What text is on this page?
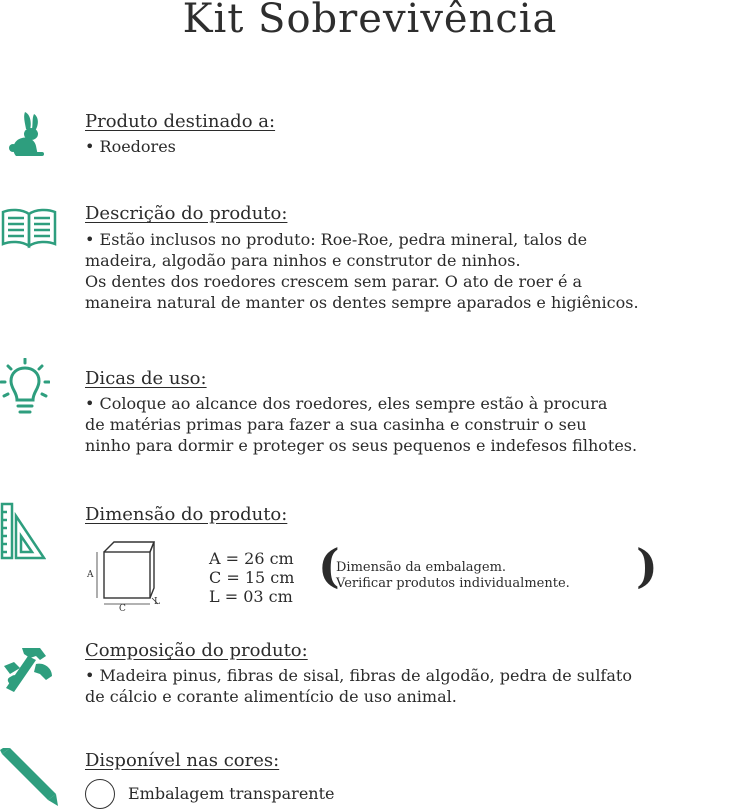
Kit Sobrevivência
Produto destinado a:
• Roedores
Descrição do produto:
• Estão inclusos no produto: Roe-Roe, pedra mineral, talos de
madeira, algodão para ninhos e construtor de ninhos.
Os dentes dos roedores crescem sem parar. O ato de roer é a
maneira natural de manter os dentes sempre aparados e higiênicos.
Dicas de uso:
• Coloque ao alcance dos roedores, eles sempre estão à procura
de matérias primas para fazer a sua casinha e construir o seu
ninho para dormir e proteger os seus pequenos e indefesos filhotes.
Dimensão do produto:
A
C
L
A = 26 cm
C = 15 cm
L = 03 cm
(
Dimensão da embalagem.
Verificar produtos individualmente. )
Composição do produto:
• Madeira pinus, fibras de sisal, fibras de algodão, pedra de sulfato
de cálcio e corante alimentício de uso animal.
Disponível nas cores:
Embalagem transparente
